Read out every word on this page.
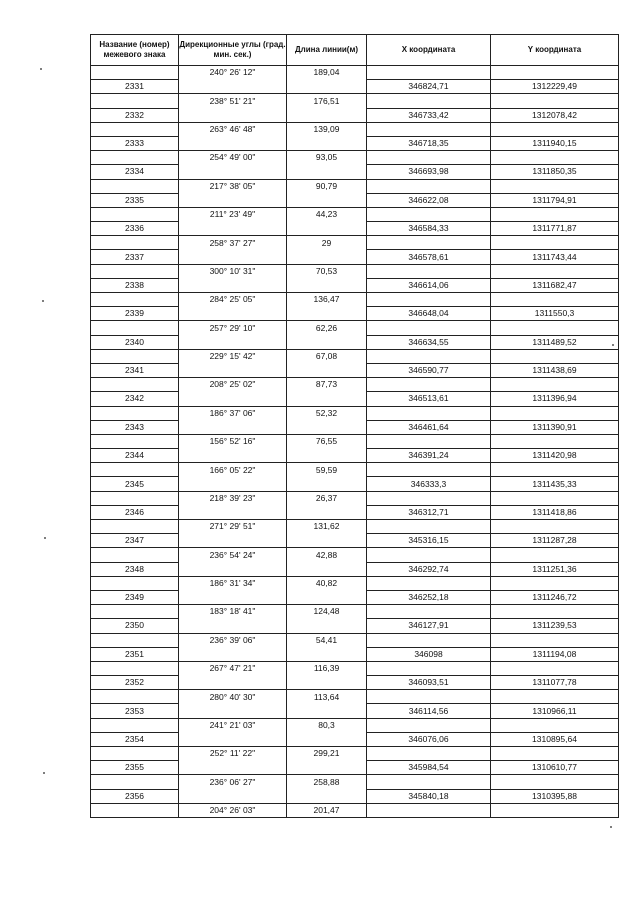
Название (номер) межевого знака	Дирекционные углы (град. мин. сек.)	Длина линии(м)	X координата	Y координата
	240° 26' 12"	189,04		
2331			346824,71	1312229,49
	238° 51' 21"	176,51		
2332			346733,42	1312078,42
	263° 46' 48"	139,09		
2333			346718,35	1311940,15
	254° 49' 00"	93,05		
2334			346693,98	1311850,35
	217° 38' 05"	90,79		
2335			346622,08	1311794,91
	211° 23' 49"	44,23		
2336			346584,33	1311771,87
	258° 37' 27"	29		
2337			346578,61	1311743,44
	300° 10' 31"	70,53		
2338			346614,06	1311682,47
	284° 25' 05"	136,47		
2339			346648,04	1311550,3
	257° 29' 10"	62,26		
2340			346634,55	1311489,52
	229° 15' 42"	67,08		
2341			346590,77	1311438,69
	208° 25' 02"	87,73		
2342			346513,61	1311396,94
	186° 37' 06"	52,32		
2343			346461,64	1311390,91
	156° 52' 16"	76,55		
2344			346391,24	1311420,98
	166° 05' 22"	59,59		
2345			346333,3	1311435,33
	218° 39' 23"	26,37		
2346			346312,71	1311418,86
	271° 29' 51"	131,62		
2347			345316,15	1311287,28
	236° 54' 24"	42,88		
2348			346292,74	1311251,36
	186° 31' 34"	40,82		
2349			346252,18	1311246,72
	183° 18' 41"	124,48		
2350			346127,91	1311239,53
	236° 39' 06"	54,41		
2351			346098	1311194,08
	267° 47' 21"	116,39		
2352			346093,51	1311077,78
	280° 40' 30"	113,64		
2353			346114,56	1310966,11
	241° 21' 03"	80,3		
2354			346076,06	1310895,64
	252° 11' 22"	299,21		
2355			345984,54	1310610,77
	236° 06' 27"	258,88		
2356			345840,18	1310395,88
	204° 26' 03"	201,47		
